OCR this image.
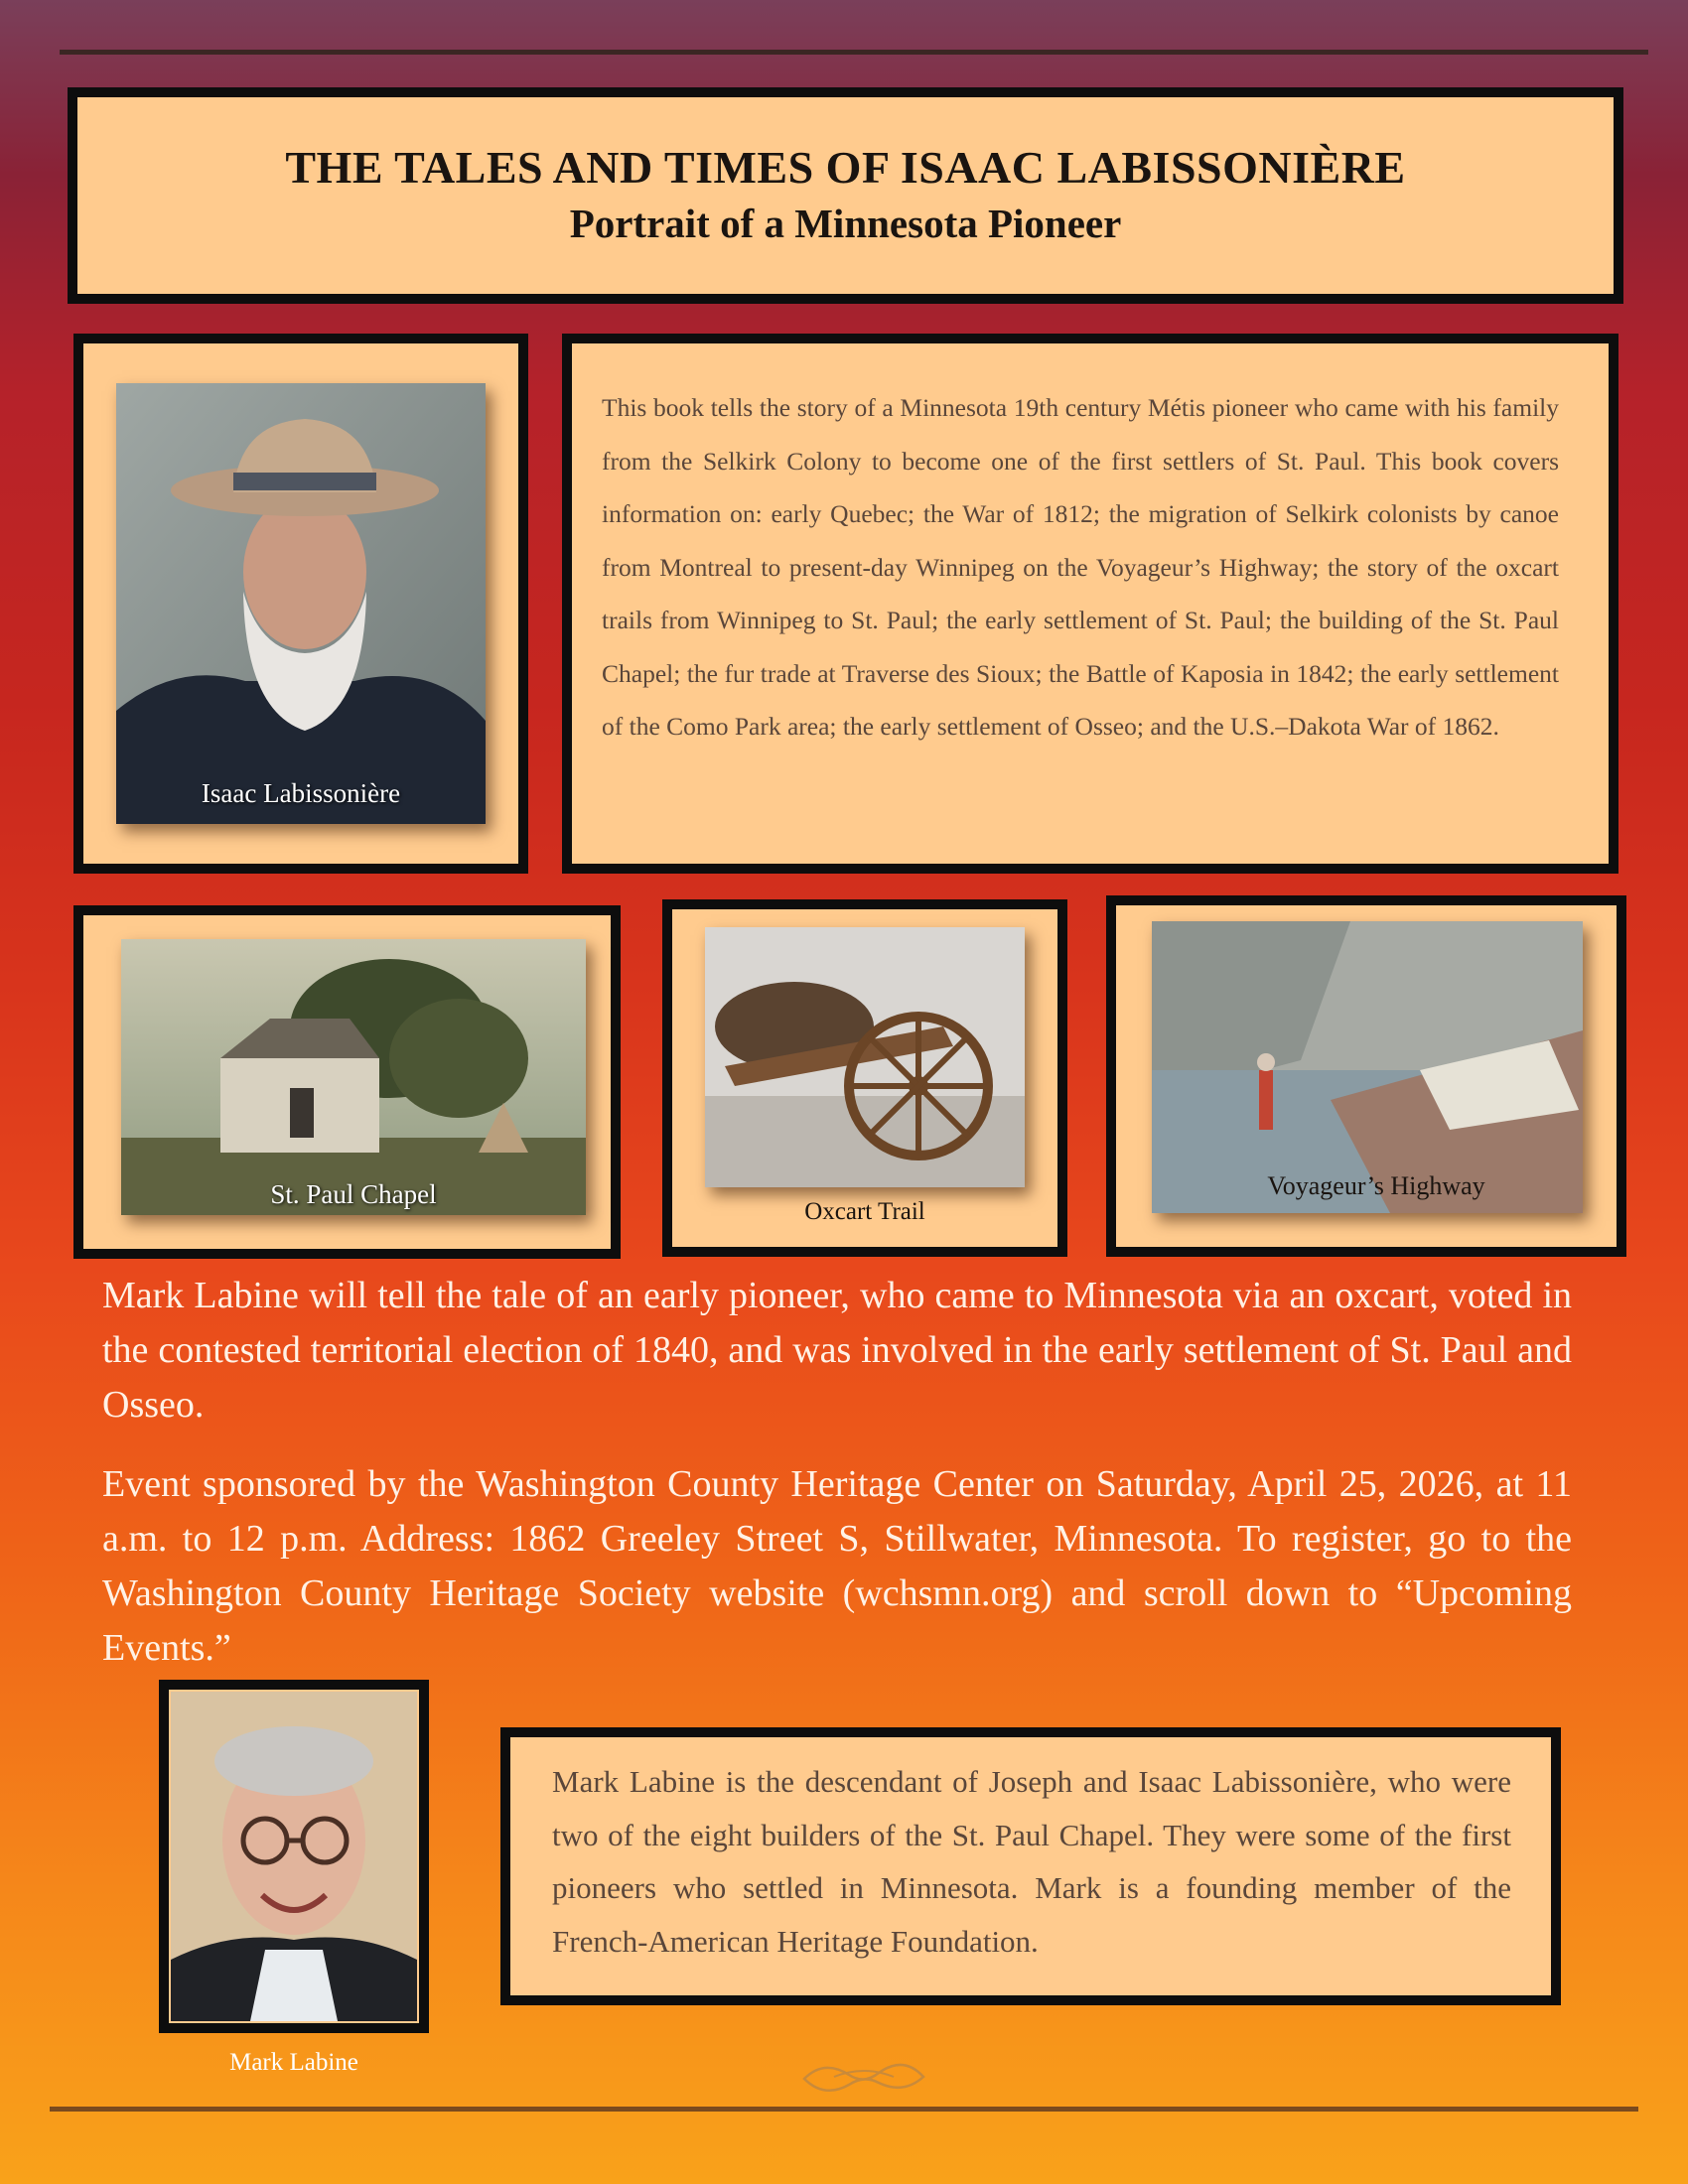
THE TALES AND TIMES OF ISAAC LABISSONIÈRE
Portrait of a Minnesota Pioneer
Isaac Labissonière
This book tells the story of a Minnesota 19th century Métis pioneer who came with his family from the Selkirk Colony to become one of the first settlers of St. Paul. This book covers information on: early Quebec; the War of 1812; the migration of Selkirk colonists by canoe from Montreal to present-day Winnipeg on the Voyageur’s Highway; the story of the oxcart trails from Winnipeg to St. Paul; the early settlement of St. Paul; the building of the St. Paul Chapel; the fur trade at Traverse des Sioux; the Battle of Kaposia in 1842; the early settlement of the Como Park area; the early settlement of Osseo; and the U.S.–Dakota War of 1862.
St. Paul Chapel
Oxcart Trail
Voyageur’s Highway
Mark Labine will tell the tale of an early pioneer, who came to Minnesota via an oxcart, voted in the contested territorial election of 1840, and was involved in the early settlement of St. Paul and Osseo.
Event sponsored by the Washington County Heritage Center on Saturday, April 25, 2026, at 11 a.m. to 12 p.m. Address: 1862 Greeley Street S, Stillwater, Minnesota. To register, go to the Washington County Heritage Society website (wchsmn.org) and scroll down to “Upcoming Events.”
Mark Labine
Mark Labine is the descendant of Joseph and Isaac Labissonière, who were two of the eight builders of the St. Paul Chapel. They were some of the first pioneers who settled in Minnesota. Mark is a founding member of the French-American Heritage Foundation.
